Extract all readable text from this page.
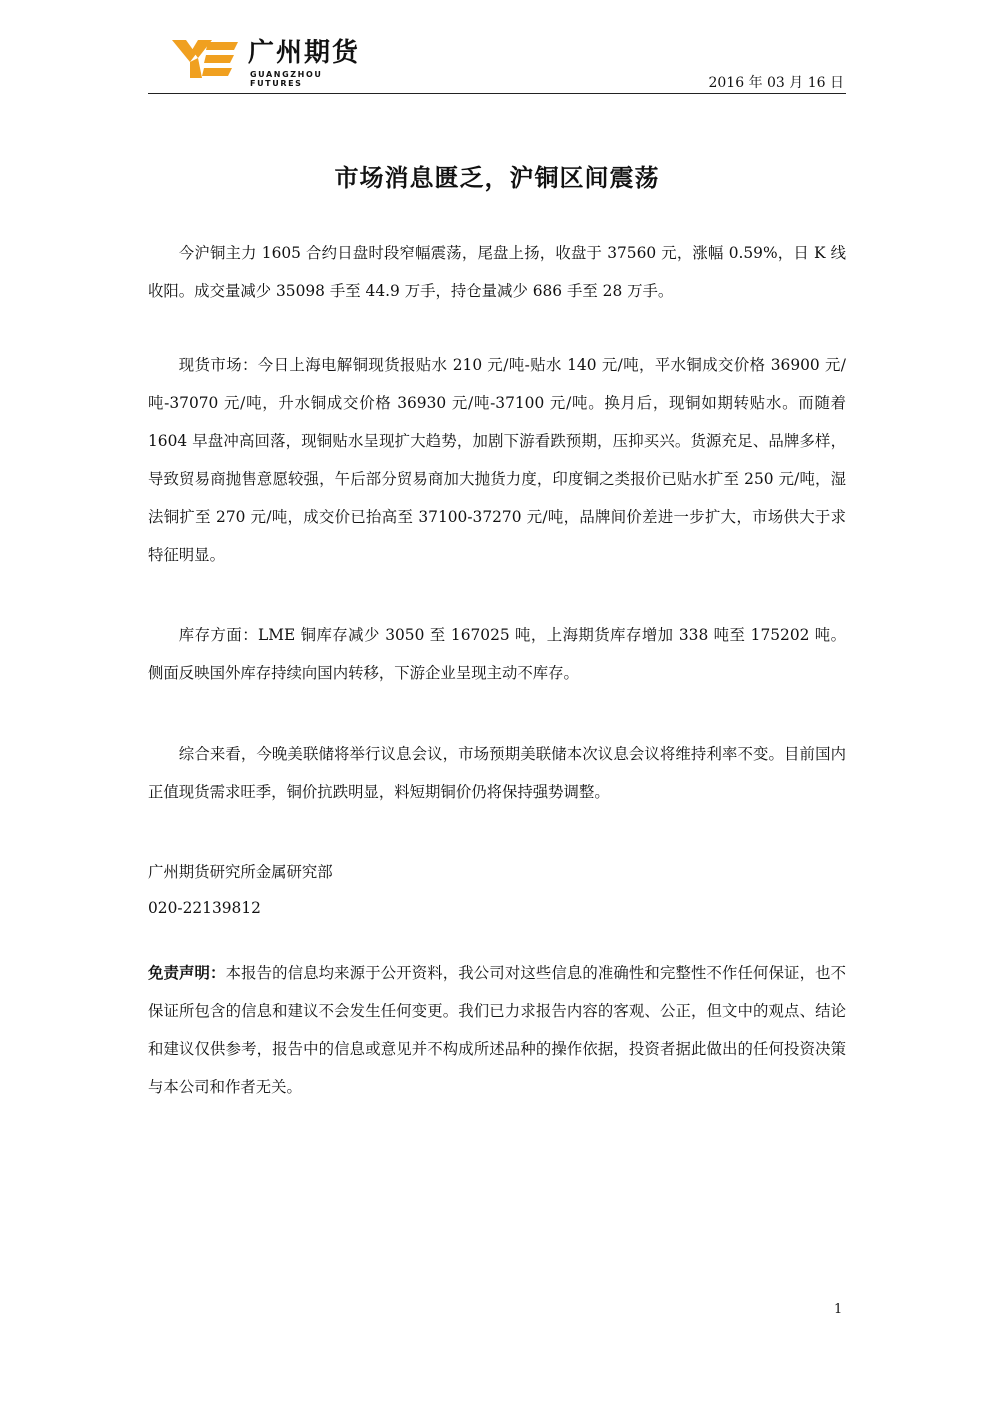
广州期货
GUANGZHOU FUTURES	2016 年 03 月 16 日
市场消息匮乏，沪铜区间震荡

今沪铜主力 1605 合约日盘时段窄幅震荡，尾盘上扬，收盘于 37560 元，涨幅 0.59%，日 K 线收阳。成交量减少 35098 手至 44.9 万手，持仓量减少 686 手至 28 万手。

现货市场：今日上海电解铜现货报贴水 210 元/吨-贴水 140 元/吨，平水铜成交价格 36900 元/吨-37070 元/吨，升水铜成交价格 36930 元/吨-37100 元/吨。换月后，现铜如期转贴水。而随着 1604 早盘冲高回落，现铜贴水呈现扩大趋势，加剧下游看跌预期，压抑买兴。货源充足、品牌多样，导致贸易商抛售意愿较强，午后部分贸易商加大抛货力度，印度铜之类报价已贴水扩至 250 元/吨，湿法铜扩至 270 元/吨，成交价已抬高至 37100-37270 元/吨，品牌间价差进一步扩大，市场供大于求特征明显。

库存方面：LME 铜库存减少 3050 至 167025 吨，上海期货库存增加 338 吨至 175202 吨。侧面反映国外库存持续向国内转移，下游企业呈现主动不库存。

综合来看，今晚美联储将举行议息会议，市场预期美联储本次议息会议将维持利率不变。目前国内正值现货需求旺季，铜价抗跌明显，料短期铜价仍将保持强势调整。

广州期货研究所金属研究部

020-22139812

免责声明：本报告的信息均来源于公开资料，我公司对这些信息的准确性和完整性不作任何保证，也不保证所包含的信息和建议不会发生任何变更。我们已力求报告内容的客观、公正，但文中的观点、结论和建议仅供参考，报告中的信息或意见并不构成所述品种的操作依据，投资者据此做出的任何投资决策与本公司和作者无关。

1
